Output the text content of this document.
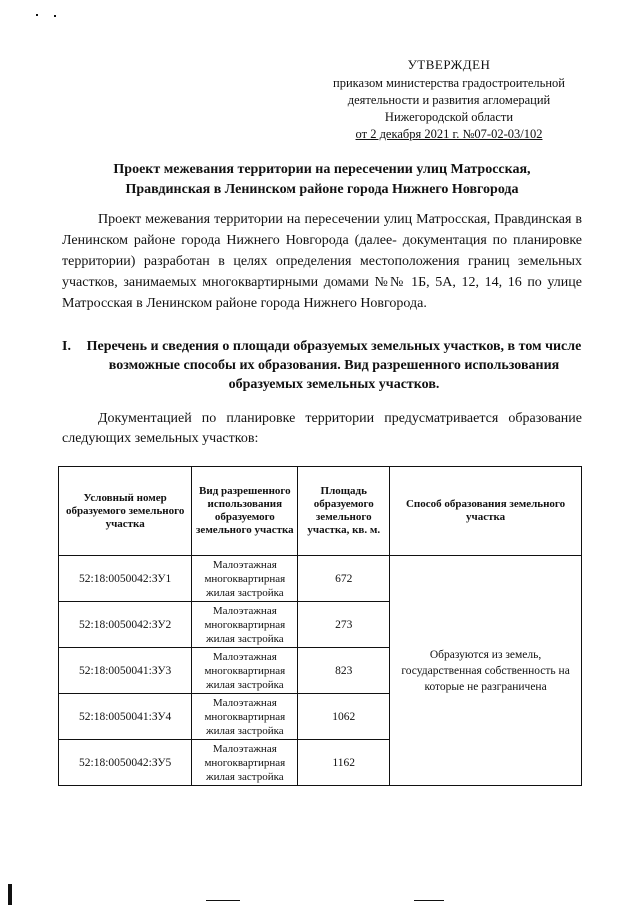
УТВЕРЖДЕН
приказом министерства градостроительной
деятельности и развития агломераций
Нижегородской области
от 2 декабря 2021 г. №07-02-03/102
Проект межевания территории на пересечении улиц Матросская,
Правдинская в Ленинском районе города Нижнего Новгорода
Проект межевания территории на пересечении улиц Матросская, Правдинская в Ленинском районе города Нижнего Новгорода (далее- документация по планировке территории) разработан в целях определения местоположения границ земельных участков, занимаемых многоквартирными домами №№ 1Б, 5А, 12, 14, 16 по улице Матросская в Ленинском районе города Нижнего Новгорода.
I. Перечень и сведения о площади образуемых земельных участков, в том числе возможные способы их образования. Вид разрешенного использования образуемых земельных участков.
Документацией по планировке территории предусматривается образование следующих земельных участков:
Условный номер образуемого земельного участка	Вид разрешенного использования образуемого земельного участка	Площадь образуемого земельного участка, кв. м.	Способ образования земельного участка
52:18:0050042:ЗУ1	Малоэтажная многоквартирная жилая застройка	672	Образуются из земель, государственная собственность на которые не разграничена
52:18:0050042:ЗУ2	Малоэтажная многоквартирная жилая застройка	273	
52:18:0050041:ЗУ3	Малоэтажная многоквартирная жилая застройка	823	
52:18:0050041:ЗУ4	Малоэтажная многоквартирная жилая застройка	1062	
52:18:0050042:ЗУ5	Малоэтажная многоквартирная жилая застройка	1162	
